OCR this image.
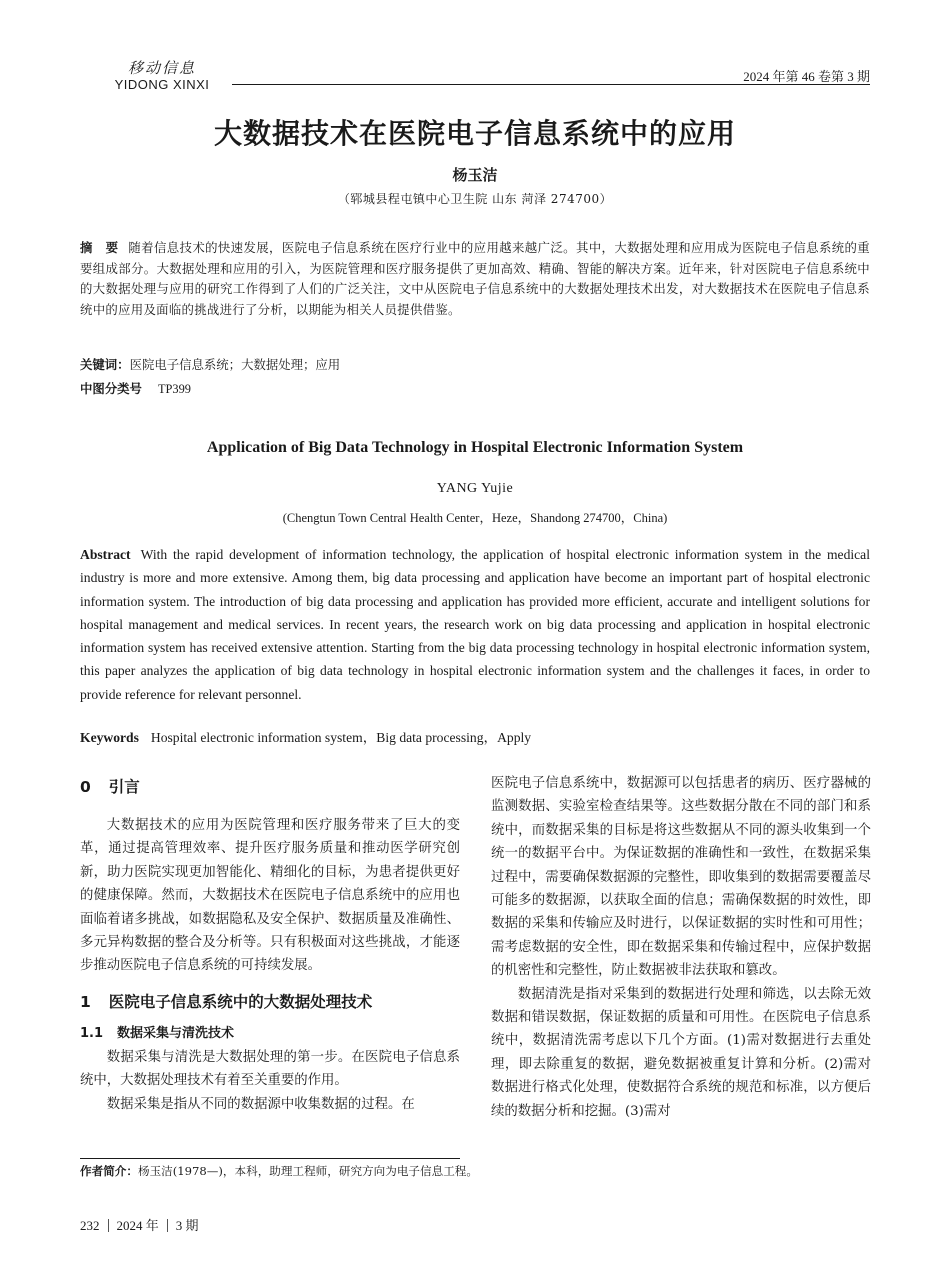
移动信息
YIDONG XINXI
2024 年第 46 卷第 3 期
大数据技术在医院电子信息系统中的应用
杨玉洁
（郓城县程屯镇中心卫生院 山东 菏泽 274700）
摘　要 随着信息技术的快速发展，医院电子信息系统在医疗行业中的应用越来越广泛。其中，大数据处理和应用成为医院电子信息系统的重要组成部分。大数据处理和应用的引入，为医院管理和医疗服务提供了更加高效、精确、智能的解决方案。近年来，针对医院电子信息系统中的大数据处理与应用的研究工作得到了人们的广泛关注，文中从医院电子信息系统中的大数据处理技术出发，对大数据技术在医院电子信息系统中的应用及面临的挑战进行了分析，以期能为相关人员提供借鉴。
关键词：医院电子信息系统；大数据处理；应用
中图分类号 TP399
Application of Big Data Technology in Hospital Electronic Information System
YANG Yujie
(Chengtun Town Central Health Center，Heze，Shandong 274700，China)
Abstract With the rapid development of information technology, the application of hospital electronic information system in the medical industry is more and more extensive. Among them, big data processing and application have become an important part of hospital electronic information system. The introduction of big data processing and application has provided more efficient, accurate and intelligent solutions for hospital management and medical services. In recent years, the research work on big data processing and application in hospital electronic information system has received extensive attention. Starting from the big data processing technology in hospital electronic information system, this paper analyzes the application of big data technology in hospital electronic information system and the challenges it faces, in order to provide reference for relevant personnel.
Keywords Hospital electronic information system，Big data processing，Apply
0 引言

大数据技术的应用为医院管理和医疗服务带来了巨大的变革，通过提高管理效率、提升医疗服务质量和推动医学研究创新，助力医院实现更加智能化、精细化的目标，为患者提供更好的健康保障。然而，大数据技术在医院电子信息系统中的应用也面临着诸多挑战，如数据隐私及安全保护、数据质量及准确性、多元异构数据的整合及分析等。只有积极面对这些挑战，才能逐步推动医院电子信息系统的可持续发展。

1 医院电子信息系统中的大数据处理技术
1.1 数据采集与清洗技术

数据采集与清洗是大数据处理的第一步。在医院电子信息系统中，大数据处理技术有着至关重要的作用。

数据采集是指从不同的数据源中收集数据的过程。在

医院电子信息系统中，数据源可以包括患者的病历、医疗器械的监测数据、实验室检查结果等。这些数据分散在不同的部门和系统中，而数据采集的目标是将这些数据从不同的源头收集到一个统一的数据平台中。为保证数据的准确性和一致性，在数据采集过程中，需要确保数据源的完整性，即收集到的数据需要覆盖尽可能多的数据源，以获取全面的信息；需确保数据的时效性，即数据的采集和传输应及时进行，以保证数据的实时性和可用性；需考虑数据的安全性，即在数据采集和传输过程中，应保护数据的机密性和完整性，防止数据被非法获取和篡改。

数据清洗是指对采集到的数据进行处理和筛选，以去除无效数据和错误数据，保证数据的质量和可用性。在医院电子信息系统中，数据清洗需考虑以下几个方面。(1)需对数据进行去重处理，即去除重复的数据，避免数据被重复计算和分析。(2)需对数据进行格式化处理，使数据符合系统的规范和标准，以方便后续的数据分析和挖掘。(3)需对

作者简介：杨玉洁(1978—)，本科，助理工程师，研究方向为电子信息工程。
232 2024 年 3 期
